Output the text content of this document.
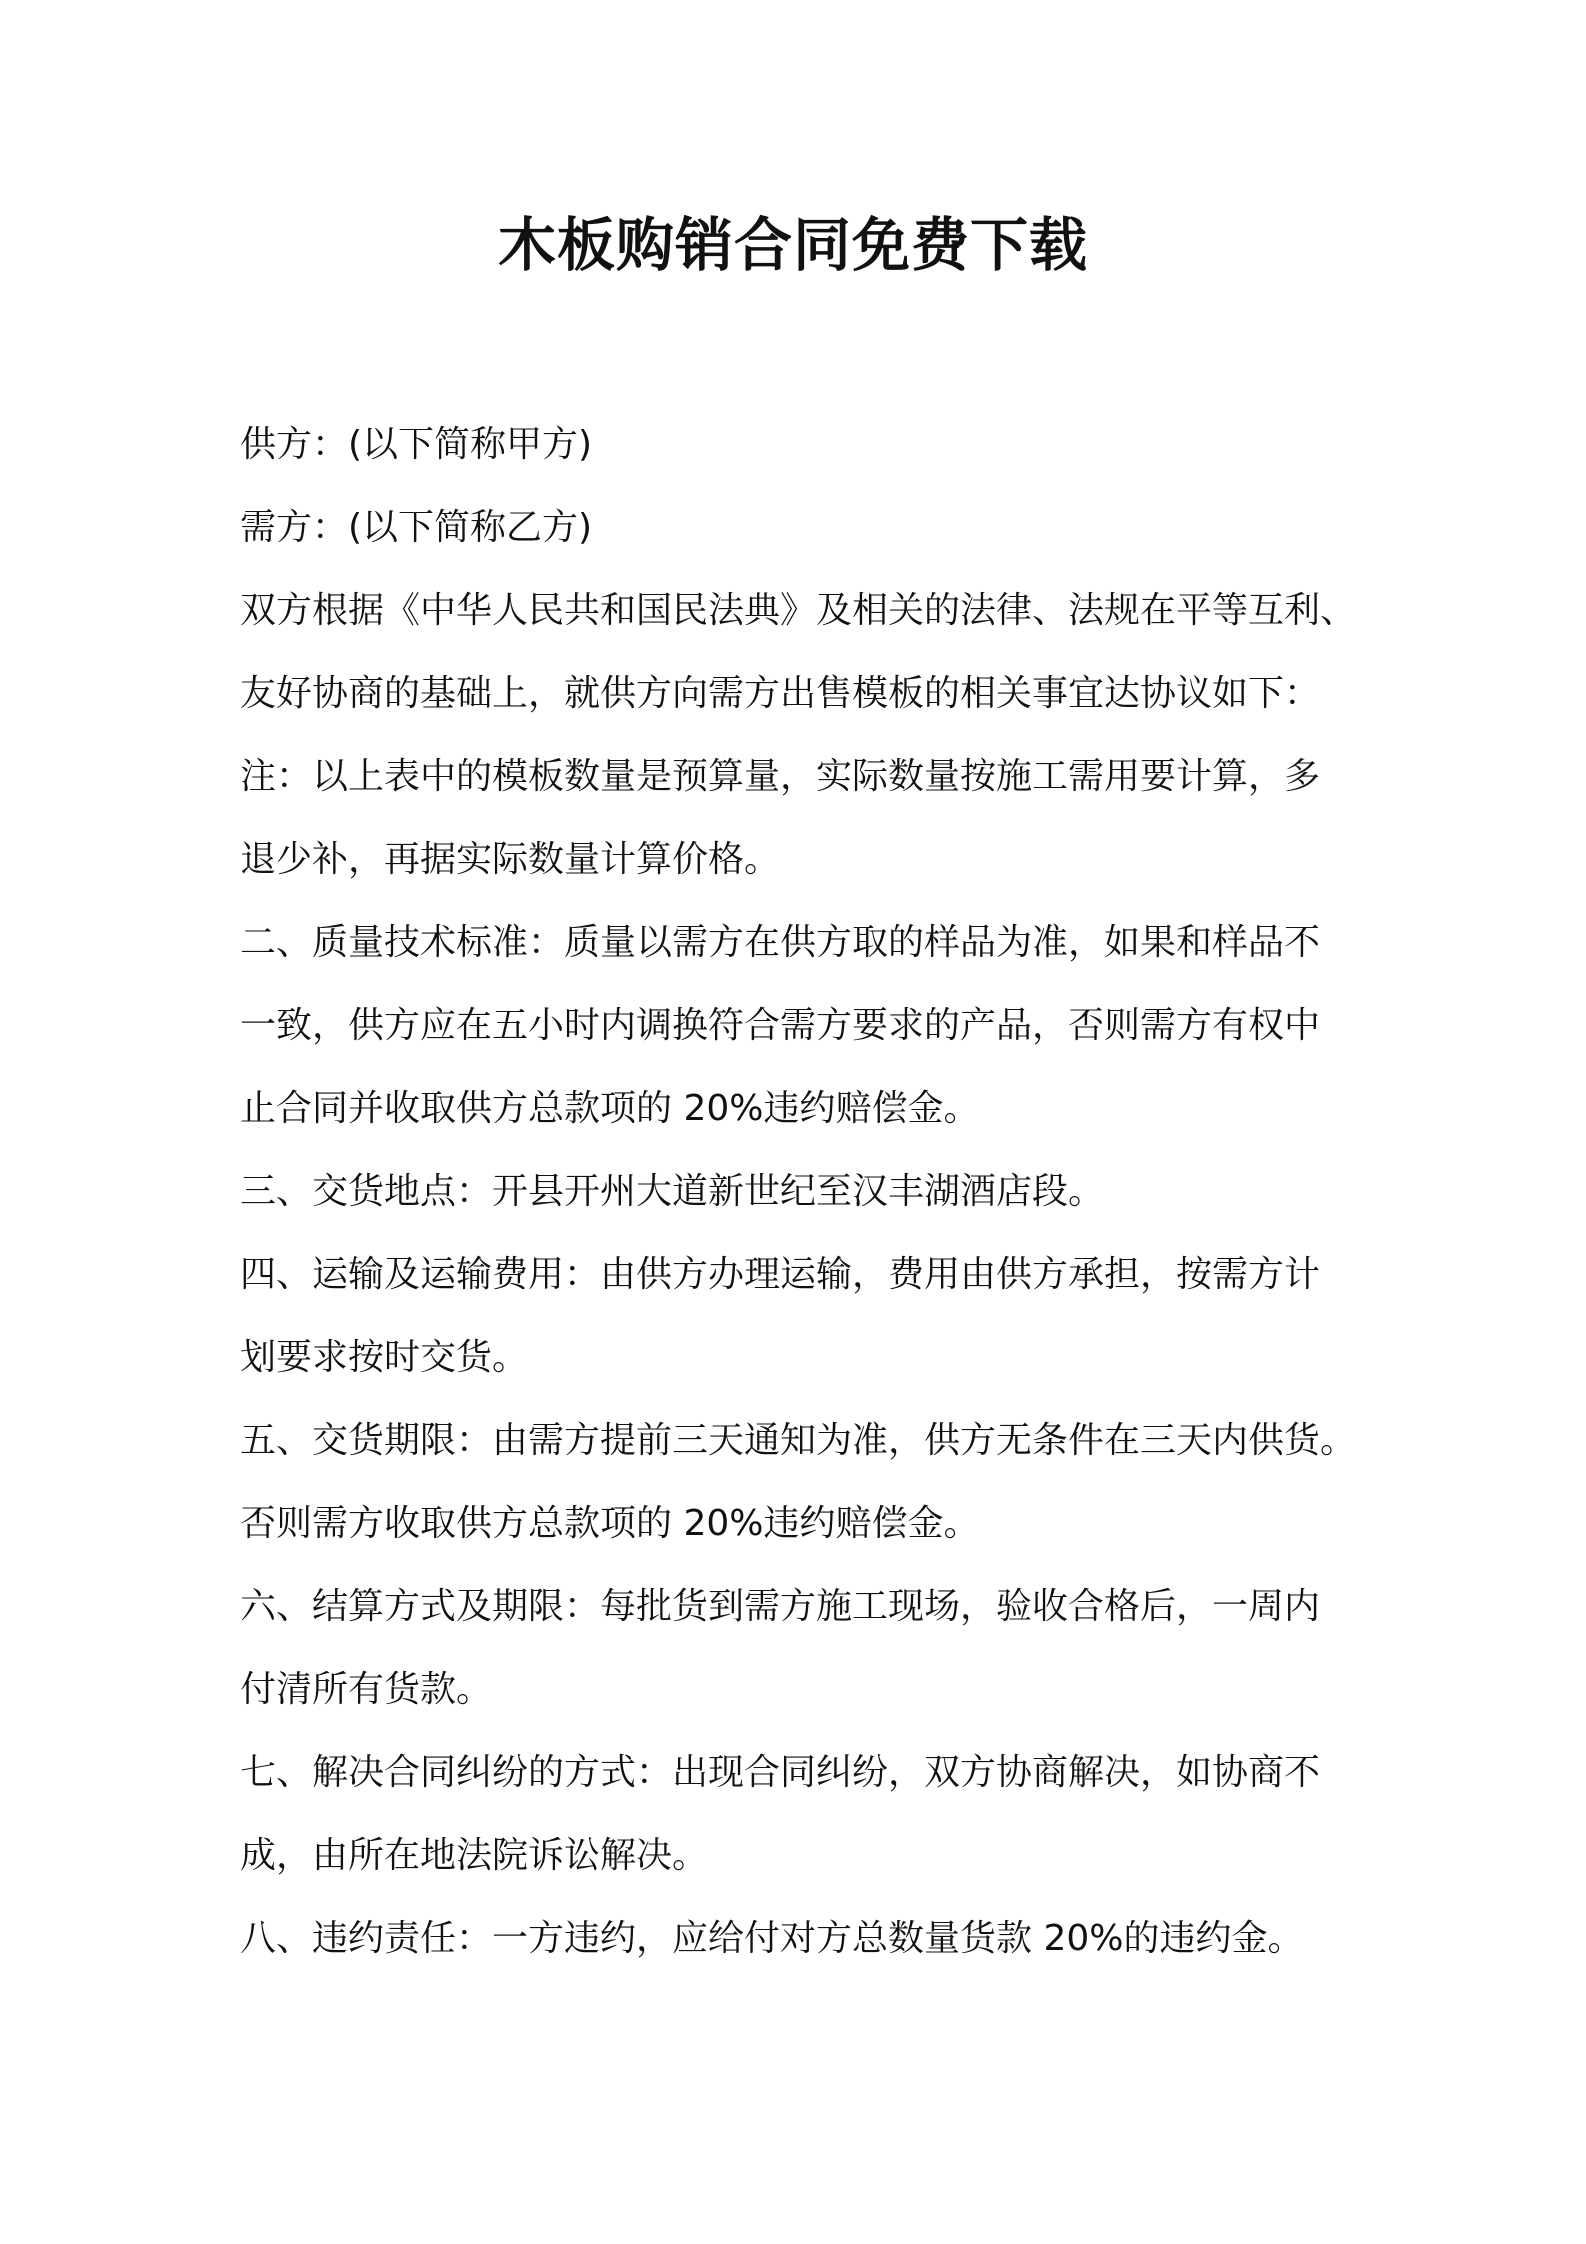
木板购销合同免费下载

供方：(以下简称甲方)

需方：(以下简称乙方)

双方根据《中华人民共和国民法典》及相关的法律、法规在平等互利、

友好协商的基础上，就供方向需方出售模板的相关事宜达协议如下：

注：以上表中的模板数量是预算量，实际数量按施工需用要计算，多

退少补，再据实际数量计算价格。

二、质量技术标准：质量以需方在供方取的样品为准，如果和样品不

一致，供方应在五小时内调换符合需方要求的产品，否则需方有权中

止合同并收取供方总款项的 20%违约赔偿金。

三、交货地点：开县开州大道新世纪至汉丰湖酒店段。

四、运输及运输费用：由供方办理运输，费用由供方承担，按需方计

划要求按时交货。

五、交货期限：由需方提前三天通知为准，供方无条件在三天内供货。

否则需方收取供方总款项的 20%违约赔偿金。

六、结算方式及期限：每批货到需方施工现场，验收合格后，一周内

付清所有货款。

七、解决合同纠纷的方式：出现合同纠纷，双方协商解决，如协商不

成，由所在地法院诉讼解决。

八、违约责任：一方违约，应给付对方总数量货款 20%的违约金。
